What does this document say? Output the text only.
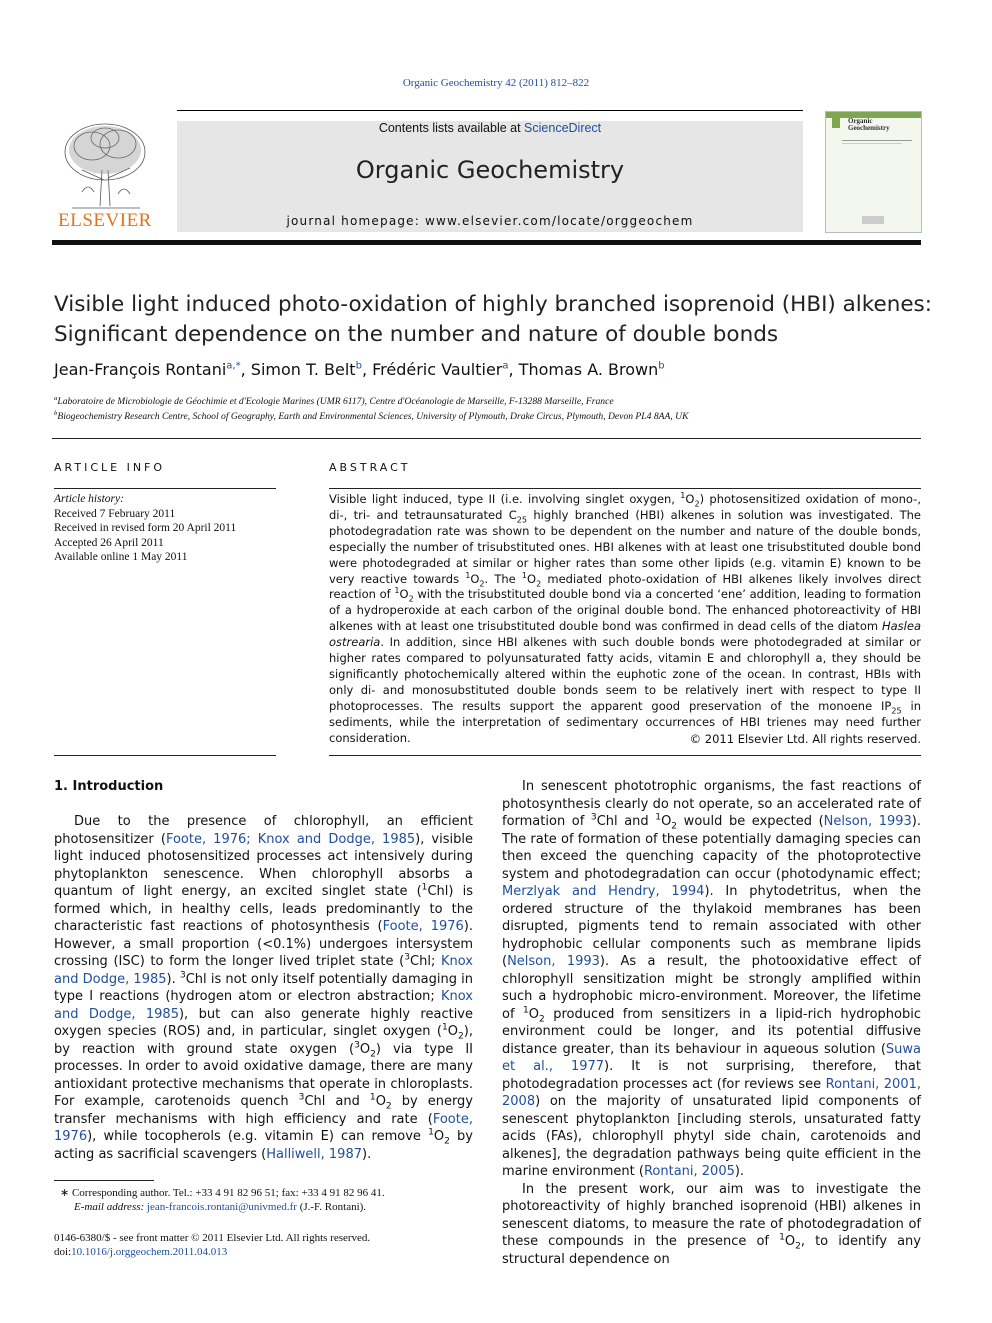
Organic Geochemistry 42 (2011) 812–822
ELSEVIER
Contents lists available at ScienceDirect
Organic Geochemistry
journal homepage: www.elsevier.com/locate/orggeochem
Organic
Geochemistry
Visible light induced photo-oxidation of highly branched isoprenoid (HBI) alkenes:
Significant dependence on the number and nature of double bonds
Jean-François Rontani$^{a,*}$, Simon T. Belt$^b$, Frédéric Vaultier$^a$, Thomas A. Brown$^b$
$^a$Laboratoire de Microbiologie de Géochimie et d'Ecologie Marines (UMR 6117), Centre d'Océanologie de Marseille, F-13288 Marseille, France
$^b$Biogeochemistry Research Centre, School of Geography, Earth and Environmental Sciences, University of Plymouth, Drake Circus, Plymouth, Devon PL4 8AA, UK
ARTICLE INFO
Article history:
Received 7 February 2011
Received in revised form 20 April 2011
Accepted 26 April 2011
Available online 1 May 2011
ABSTRACT

Visible light induced, type II (i.e. involving singlet oxygen, $^1O_2$) photosensitized oxidation of mono-, di-, tri- and tetraunsaturated $C_{25}$ highly branched (HBI) alkenes in solution was investigated. The photodegradation rate was shown to be dependent on the number and nature of the double bonds, especially the number of trisubstituted ones. HBI alkenes with at least one trisubstituted double bond were photodegraded at similar or higher rates than some other lipids (e.g. vitamin E) known to be very reactive towards $^1O_2$. The $^1O_2$ mediated photo-oxidation of HBI alkenes likely involves direct reaction of $^1O_2$ with the trisubstituted double bond via a concerted ‘ene’ addition, leading to formation of a hydroperoxide at each carbon of the original double bond. The enhanced photoreactivity of HBI alkenes with at least one trisubstituted double bond was confirmed in dead cells of the diatom Haslea ostrearia. In addition, since HBI alkenes with such double bonds were photodegraded at similar or higher rates compared to polyunsaturated fatty acids, vitamin E and chlorophyll a, they should be significantly photochemically altered within the euphotic zone of the ocean. In contrast, HBIs with only di- and monosubstituted double bonds seem to be relatively inert with respect to type II photoprocesses. The results support the apparent good preservation of the monoene $IP_{25}$ in sediments, while the interpretation of sedimentary occurrences of HBI trienes may need further consideration.	© 2011 Elsevier Ltd. All rights reserved.
1. Introduction

Due to the presence of chlorophyll, an efficient photosensitizer (Foote, 1976; Knox and Dodge, 1985), visible light induced photosensitized processes act intensively during phytoplankton senescence. When chlorophyll absorbs a quantum of light energy, an excited singlet state ($^1$Chl) is formed which, in healthy cells, leads predominantly to the characteristic fast reactions of photosynthesis (Foote, 1976). However, a small proportion (<0.1%) undergoes intersystem crossing (ISC) to form the longer lived triplet state ($^3$Chl; Knox and Dodge, 1985). $^3$Chl is not only itself potentially damaging in type I reactions (hydrogen atom or electron abstraction; Knox and Dodge, 1985), but can also generate highly reactive oxygen species (ROS) and, in particular, singlet oxygen $(^1O_2)$, by reaction with ground state oxygen $(^3O_2)$ via type II processes. In order to avoid oxidative damage, there are many antioxidant protective mechanisms that operate in chloroplasts. For example, carotenoids quench $^3$Chl and $^1O_2$ by energy transfer mechanisms with high efficiency and rate (Foote, 1976), while tocopherols (e.g. vitamin E) can remove $^1O_2$ by acting as sacrificial scavengers (Halliwell, 1987).

∗ Corresponding author. Tel.: +33 4 91 82 96 51; fax: +33 4 91 82 96 41.
E-mail address: jean-francois.rontani@univmed.fr (J.-F. Rontani).
0146-6380/$ - see front matter © 2011 Elsevier Ltd. All rights reserved.
doi:10.1016/j.orggeochem.2011.04.013

In senescent phototrophic organisms, the fast reactions of photosynthesis clearly do not operate, so an accelerated rate of formation of $^3$Chl and $^1O_2$ would be expected (Nelson, 1993). The rate of formation of these potentially damaging species can then exceed the quenching capacity of the photoprotective system and photodegradation can occur (photodynamic effect; Merzlyak and Hendry, 1994). In phytodetritus, when the ordered structure of the thylakoid membranes has been disrupted, pigments tend to remain associated with other hydrophobic cellular components such as membrane lipids (Nelson, 1993). As a result, the photooxidative effect of chlorophyll sensitization might be strongly amplified within such a hydrophobic micro-environment. Moreover, the lifetime of $^1O_2$ produced from sensitizers in a lipid-rich hydrophobic environment could be longer, and its potential diffusive distance greater, than its behaviour in aqueous solution (Suwa et al., 1977). It is not surprising, therefore, that photodegradation processes act (for reviews see Rontani, 2001, 2008) on the majority of unsaturated lipid components of senescent phytoplankton [including sterols, unsaturated fatty acids (FAs), chlorophyll phytyl side chain, carotenoids and alkenes], the degradation pathways being quite efficient in the marine environment (Rontani, 2005).

In the present work, our aim was to investigate the photoreactivity of highly branched isoprenoid (HBI) alkenes in senescent diatoms, to measure the rate of photodegradation of these compounds in the presence of $^1O_2$, to identify any structural dependence on
